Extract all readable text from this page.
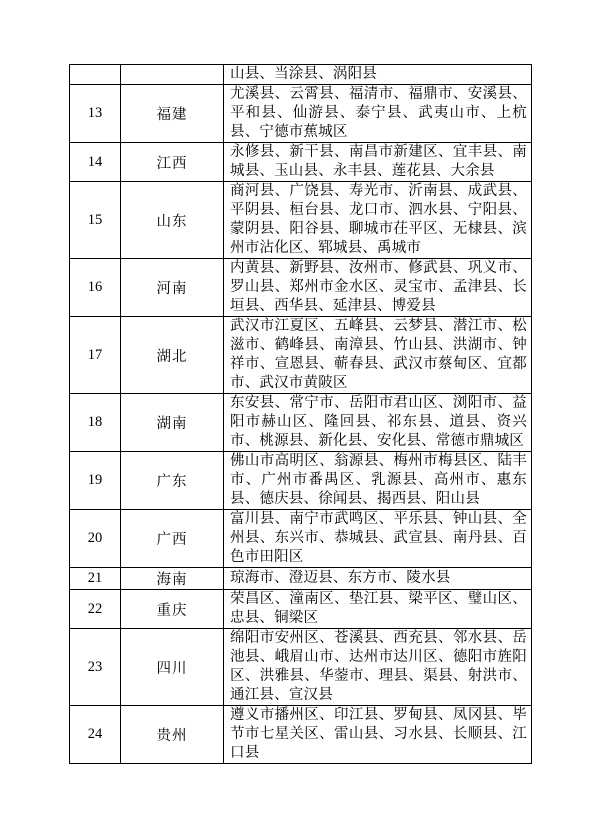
		山县、当涂县、涡阳县
13	福建	尤溪县、云霄县、福清市、福鼎市、安溪县、平和县、仙游县、泰宁县、武夷山市、上杭县、宁德市蕉城区
14	江西	永修县、新干县、南昌市新建区、宜丰县、南城县、玉山县、永丰县、莲花县、大余县
15	山东	商河县、广饶县、寿光市、沂南县、成武县、平阴县、桓台县、龙口市、泗水县、宁阳县、蒙阴县、阳谷县、聊城市茌平区、无棣县、滨州市沾化区、郓城县、禹城市
16	河南	内黄县、新野县、汝州市、修武县、巩义市、罗山县、郑州市金水区、灵宝市、孟津县、长垣县、西华县、延津县、博爱县
17	湖北	武汉市江夏区、五峰县、云梦县、潜江市、松滋市、鹤峰县、南漳县、竹山县、洪湖市、钟祥市、宣恩县、蕲春县、武汉市蔡甸区、宜都市、武汉市黄陂区
18	湖南	东安县、常宁市、岳阳市君山区、浏阳市、益阳市赫山区、隆回县、祁东县、道县、资兴市、桃源县、新化县、安化县、常德市鼎城区
19	广东	佛山市高明区、翁源县、梅州市梅县区、陆丰市、广州市番禺区、乳源县、高州市、惠东县、德庆县、徐闻县、揭西县、阳山县
20	广西	富川县、南宁市武鸣区、平乐县、钟山县、全州县、东兴市、恭城县、武宣县、南丹县、百色市田阳区
21	海南	琼海市、澄迈县、东方市、陵水县
22	重庆	荣昌区、潼南区、垫江县、梁平区、璧山区、忠县、铜梁区
23	四川	绵阳市安州区、苍溪县、西充县、邻水县、岳池县、峨眉山市、达州市达川区、德阳市旌阳区、洪雅县、华蓥市、理县、渠县、射洪市、通江县、宣汉县
24	贵州	遵义市播州区、印江县、罗甸县、凤冈县、毕节市七星关区、雷山县、习水县、长顺县、江口县
